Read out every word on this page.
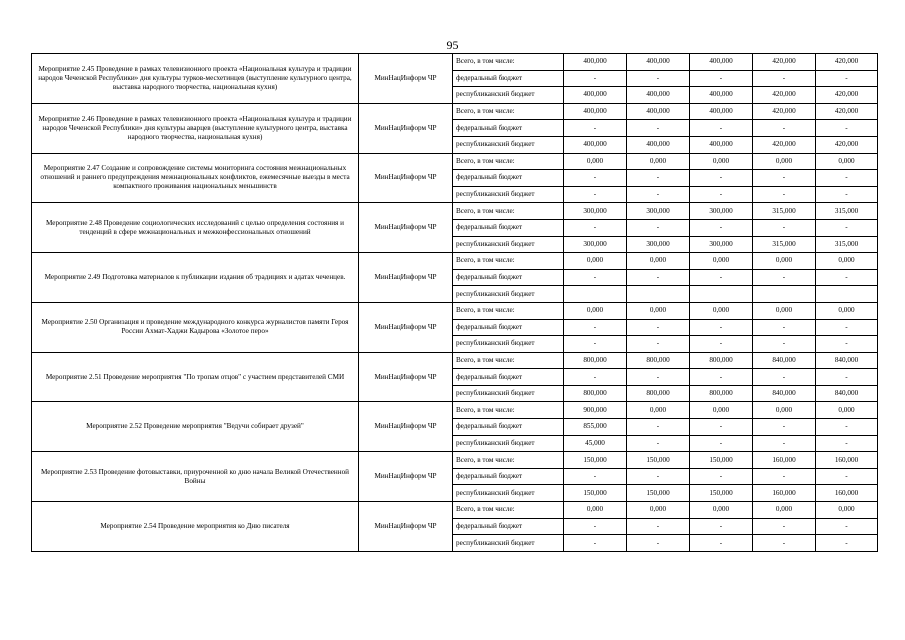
95
Мероприятие 2.45 Проведение в рамках телевизионного проекта «Национальная культура и традиции народов Чеченской Республики» дня культуры турков-месхетинцев (выступление культурного центра, выставка народного творчества, национальная кухня)	МинНацИнформ ЧР	Всего, в том числе:	400,000	400,000	400,000	420,000	420,000
		федеральный бюджет	-	-	-	-	-
		республиканский бюджет	400,000	400,000	400,000	420,000	420,000
Мероприятие 2.46 Проведение в рамках телевизионного проекта «Национальная культура и традиции народов Чеченской Республики» дня культуры аварцев (выступление культурного центра, выставка народного творчества, национальная кухня)	МинНацИнформ ЧР	Всего, в том числе:	400,000	400,000	400,000	420,000	420,000
		федеральный бюджет	-	-	-	-	-
		республиканский бюджет	400,000	400,000	400,000	420,000	420,000
Мероприятие 2.47 Создание и сопровождение системы мониторинга состояния межнациональных отношений и раннего предупреждения межнациональных конфликтов, ежемесячные выезды в места компактного проживания национальных меньшинств	МинНацИнформ ЧР	Всего, в том числе:	0,000	0,000	0,000	0,000	0,000
		федеральный бюджет	-	-	-	-	-
		республиканский бюджет	-	-	-	-	-
Мероприятие 2.48 Проведение социологических исследований с целью определения состояния и тенденций в сфере межнациональных и межконфессиональных отношений	МинНацИнформ ЧР	Всего, в том числе:	300,000	300,000	300,000	315,000	315,000
		федеральный бюджет	-	-	-	-	-
		республиканский бюджет	300,000	300,000	300,000	315,000	315,000
Мероприятие 2.49 Подготовка материалов к публикации издания об традициях и адатах чеченцев.	МинНацИнформ ЧР	Всего, в том числе:	0,000	0,000	0,000	0,000	0,000
		федеральный бюджет	-	-	-	-	-
		республиканский бюджет					
Мероприятие 2.50 Организация и проведение международного конкурса журналистов памяти Героя России Ахмат-Хаджи Кадырова «Золотое перо»	МинНацИнформ ЧР	Всего, в том числе:	0,000	0,000	0,000	0,000	0,000
		федеральный бюджет	-	-	-	-	-
		республиканский бюджет	-	-	-	-	-
Мероприятие 2.51 Проведение мероприятия "По тропам отцов" с участием представителей СМИ	МинНацИнформ ЧР	Всего, в том числе:	800,000	800,000	800,000	840,000	840,000
		федеральный бюджет	-	-	-	-	-
		республиканский бюджет	800,000	800,000	800,000	840,000	840,000
Мероприятие 2.52 Проведение мероприятия "Ведучи собирает друзей"	МинНацИнформ ЧР	Всего, в том числе:	900,000	0,000	0,000	0,000	0,000
		федеральный бюджет	855,000	-	-	-	-
		республиканский бюджет	45,000	-	-	-	-
Мероприятие 2.53 Проведение фотовыставки, приуроченной ко дню начала Великой Отечественной Войны	МинНацИнформ ЧР	Всего, в том числе:	150,000	150,000	150,000	160,000	160,000
		федеральный бюджет	-	-	-	-	-
		республиканский бюджет	150,000	150,000	150,000	160,000	160,000
Мероприятие 2.54 Проведение мероприятия ко Дню писателя	МинНацИнформ ЧР	Всего, в том числе:	0,000	0,000	0,000	0,000	0,000
		федеральный бюджет	-	-	-	-	-
		республиканский бюджет	-	-	-	-	-
